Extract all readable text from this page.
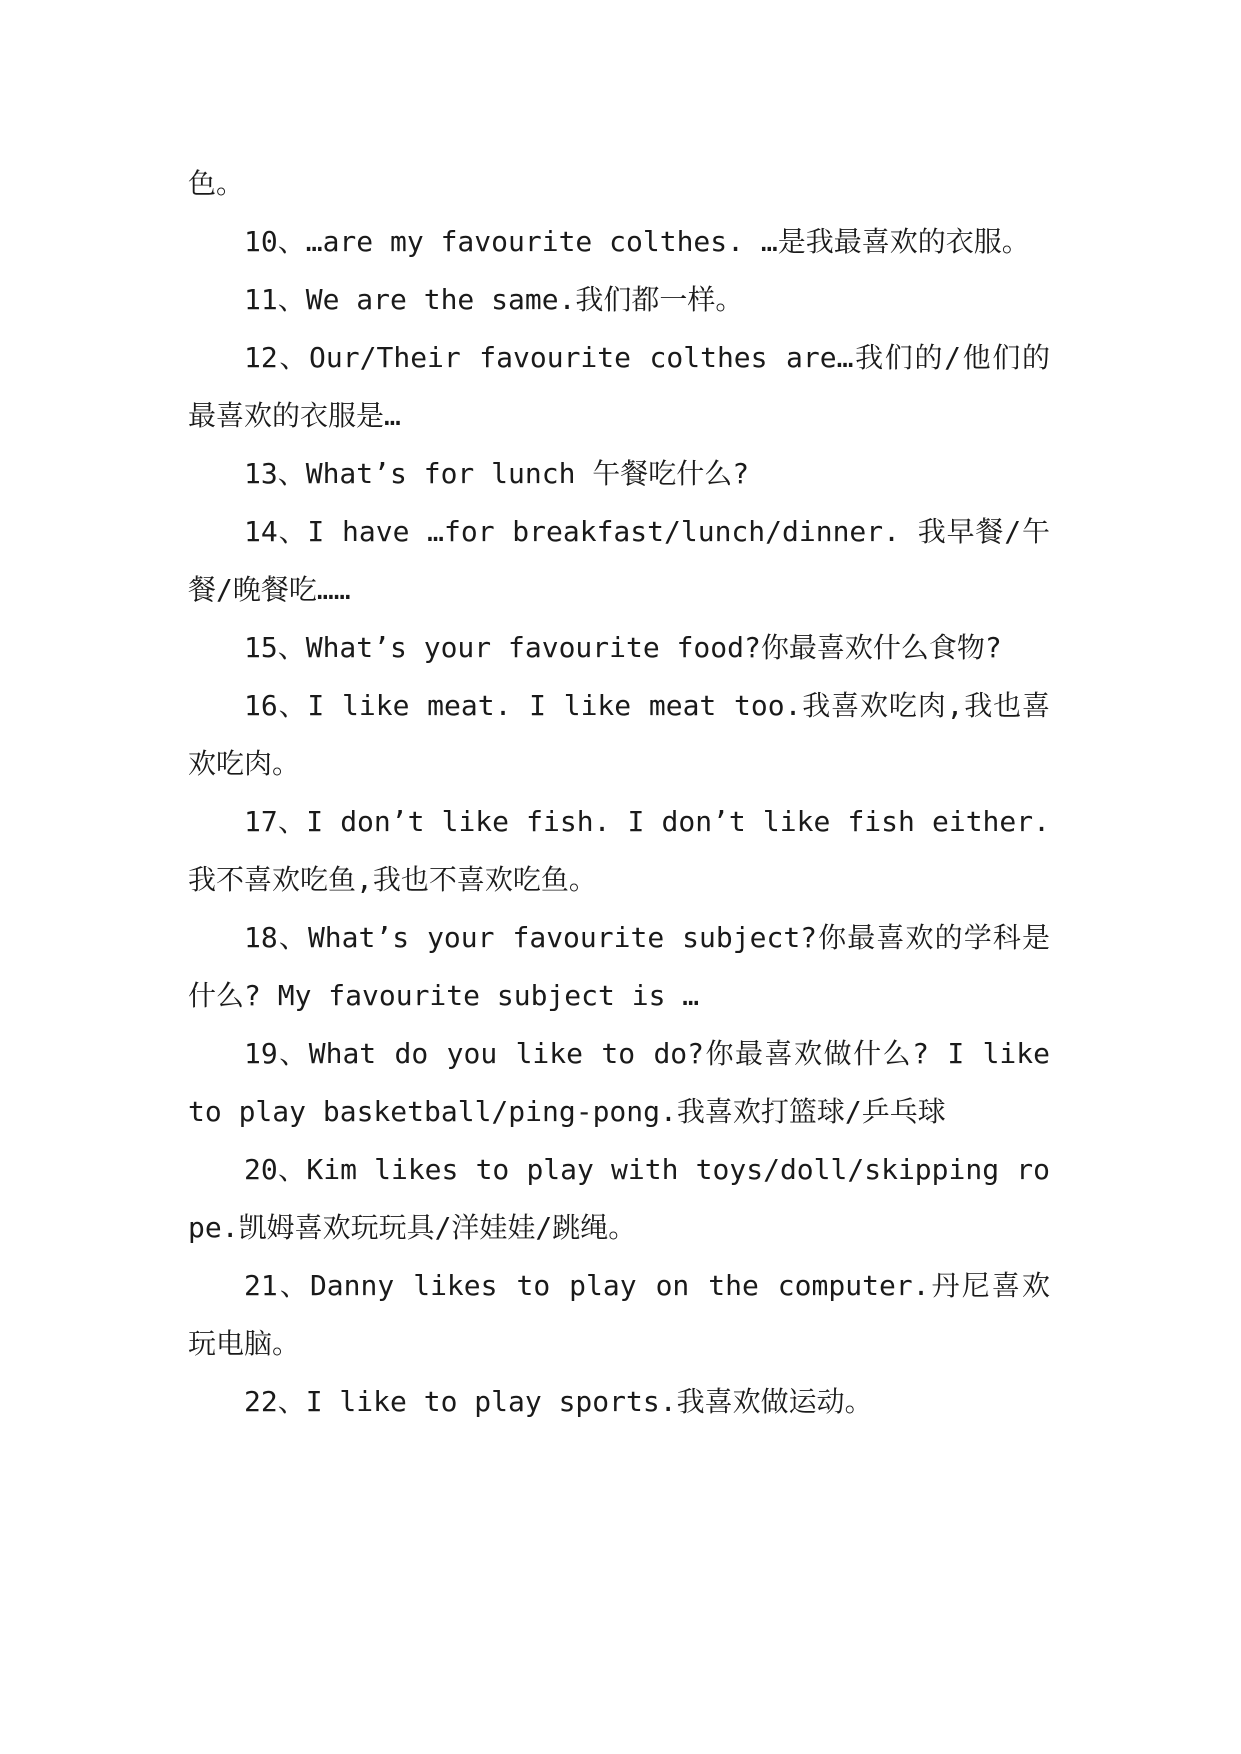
色。

10、…are my favourite colthes. …是我最喜欢的衣服。

11、We are the same.我们都一样。

12、Our/Their favourite colthes are…我们的/他们的最喜欢的衣服是…

13、What’s for lunch 午餐吃什么?

14、I have …for breakfast/lunch/dinner. 我早餐/午餐/晚餐吃……

15、What’s your favourite food?你最喜欢什么食物?

16、I like meat. I like meat too.我喜欢吃肉,我也喜欢吃肉。

17、I don’t like fish. I don’t like fish either.我不喜欢吃鱼,我也不喜欢吃鱼。

18、What’s your favourite subject?你最喜欢的学科是什么? My favourite subject is …

19、What do you like to do?你最喜欢做什么? I like to play basketball/ping-pong.我喜欢打篮球/乒乓球

20、Kim likes to play with toys/doll/skipping rope.凯姆喜欢玩玩具/洋娃娃/跳绳。

21、Danny likes to play on the computer.丹尼喜欢玩电脑。

22、I like to play sports.我喜欢做运动。
